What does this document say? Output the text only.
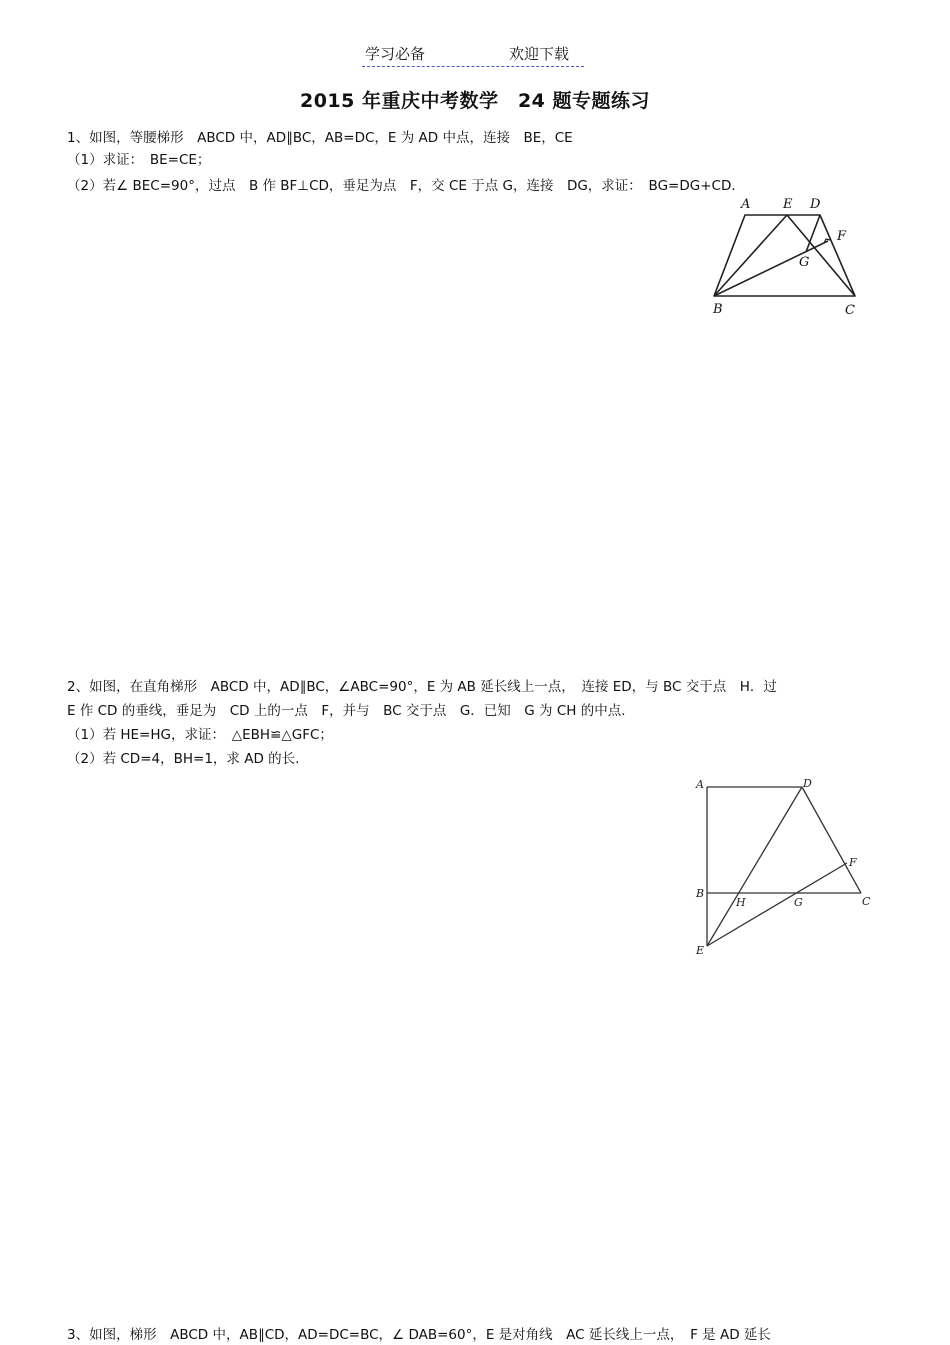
学习必备	欢迎下载
2015 年重庆中考数学　24 题专题练习
1、如图，等腰梯形　ABCD 中，AD∥BC，AB=DC，E 为 AD 中点，连接　BE，CE
（1）求证：　BE=CE；
（2）若∠ BEC=90°，过点　B 作 BF⊥CD，垂足为点　F，交 CE 于点 G，连接　DG，求证：　BG=DG+CD．
A	E D
F
G
B	C
2、如图，在直角梯形　ABCD 中，AD∥BC，∠ABC=90°，E 为 AB 延长线上一点，　连接 ED，与 BC 交于点　H．过
E 作 CD 的垂线，垂足为　CD 上的一点　F，并与　BC 交于点　G．已知　G 为 CH 的中点.
（1）若 HE=HG，求证：　△EBH≌△GFC；
（2）若 CD=4，BH=1，求 AD 的长.
A	D
F
B
H	G	C
E
3、如图，梯形　ABCD 中，AB∥CD，AD=DC=BC，∠ DAB=60°，E 是对角线　AC 延长线上一点，　F 是 AD 延长
